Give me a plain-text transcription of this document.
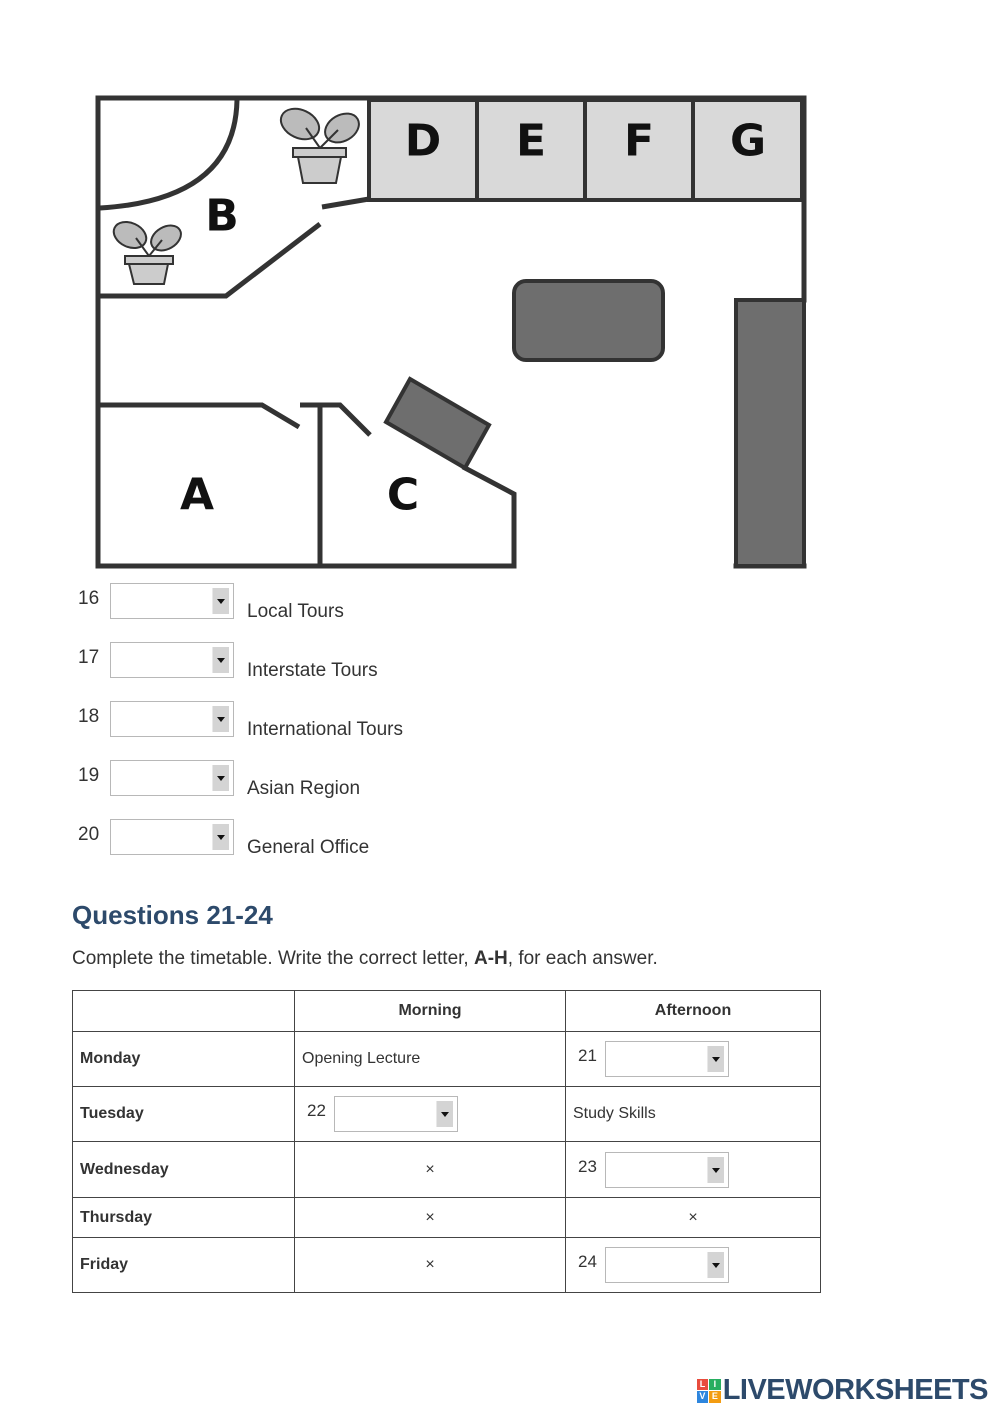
A
B
C
D E F G
16
Local Tours
17
Interstate Tours
18
International Tours
19
Asian Region
20
General Office
Questions 21-24
Complete the timetable. Write the correct letter, A-H, for each answer.
	Morning	Afternoon
Monday	Opening Lecture	21

Tuesday	22	Study Skills
Wednesday	×	23

Thursday	×	×
Friday	×	24
L I
V E LIVEWORKSHEETS
